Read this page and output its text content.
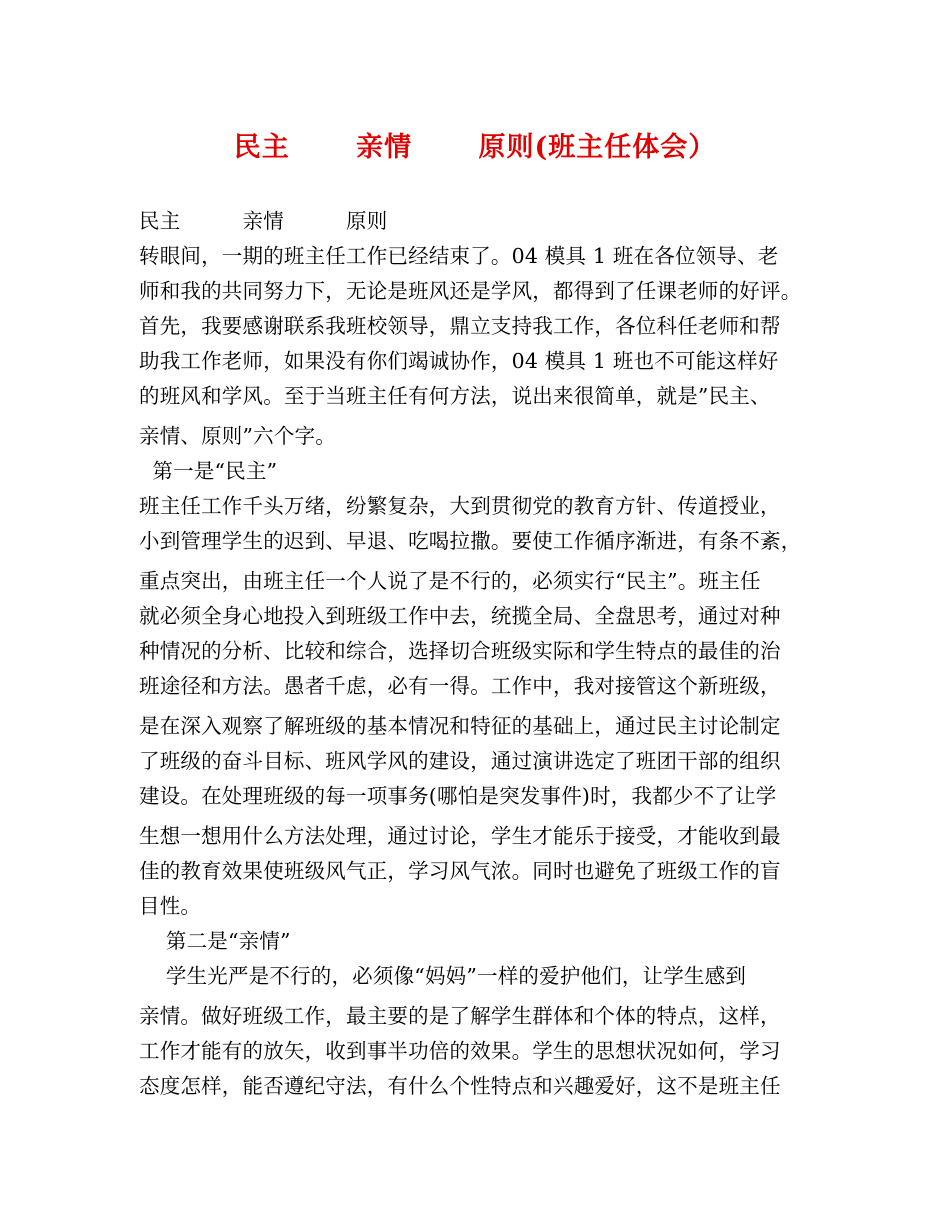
民主　 　亲情　 　原则(班主任体会）
民主　　　亲情　　　原则
转眼间，一期的班主任工作已经结束了。04 模具 1 班在各位领导、老
师和我的共同努力下，无论是班风还是学风，都得到了任课老师的好评。
首先，我要感谢联系我班校领导，鼎立支持我工作，各位科任老师和帮
助我工作老师，如果没有你们竭诚协作，04 模具 1 班也不可能这样好
的班风和学风。至于当班主任有何方法，说出来很简单，就是”民主、
亲情、原则”六个字。
第一是“民主”
班主任工作千头万绪，纷繁复杂，大到贯彻党的教育方针、传道授业，
小到管理学生的迟到、早退、吃喝拉撒。要使工作循序渐进，有条不紊，
重点突出，由班主任一个人说了是不行的，必须实行“民主”。班主任
就必须全身心地投入到班级工作中去，统揽全局、全盘思考，通过对种
种情况的分析、比较和综合，选择切合班级实际和学生特点的最佳的治
班途径和方法。愚者千虑，必有一得。工作中，我对接管这个新班级，
是在深入观察了解班级的基本情况和特征的基础上，通过民主讨论制定
了班级的奋斗目标、班风学风的建设，通过演讲选定了班团干部的组织
建设。在处理班级的每一项事务(哪怕是突发事件)时，我都少不了让学
生想一想用什么方法处理，通过讨论，学生才能乐于接受，才能收到最
佳的教育效果使班级风气正，学习风气浓。同时也避免了班级工作的盲
目性。
第二是“亲情”
学生光严是不行的，必须像“妈妈”一样的爱护他们，让学生感到
亲情。做好班级工作，最主要的是了解学生群体和个体的特点，这样，
工作才能有的放矢，收到事半功倍的效果。学生的思想状况如何，学习
态度怎样，能否遵纪守法，有什么个性特点和兴趣爱好，这不是班主任
